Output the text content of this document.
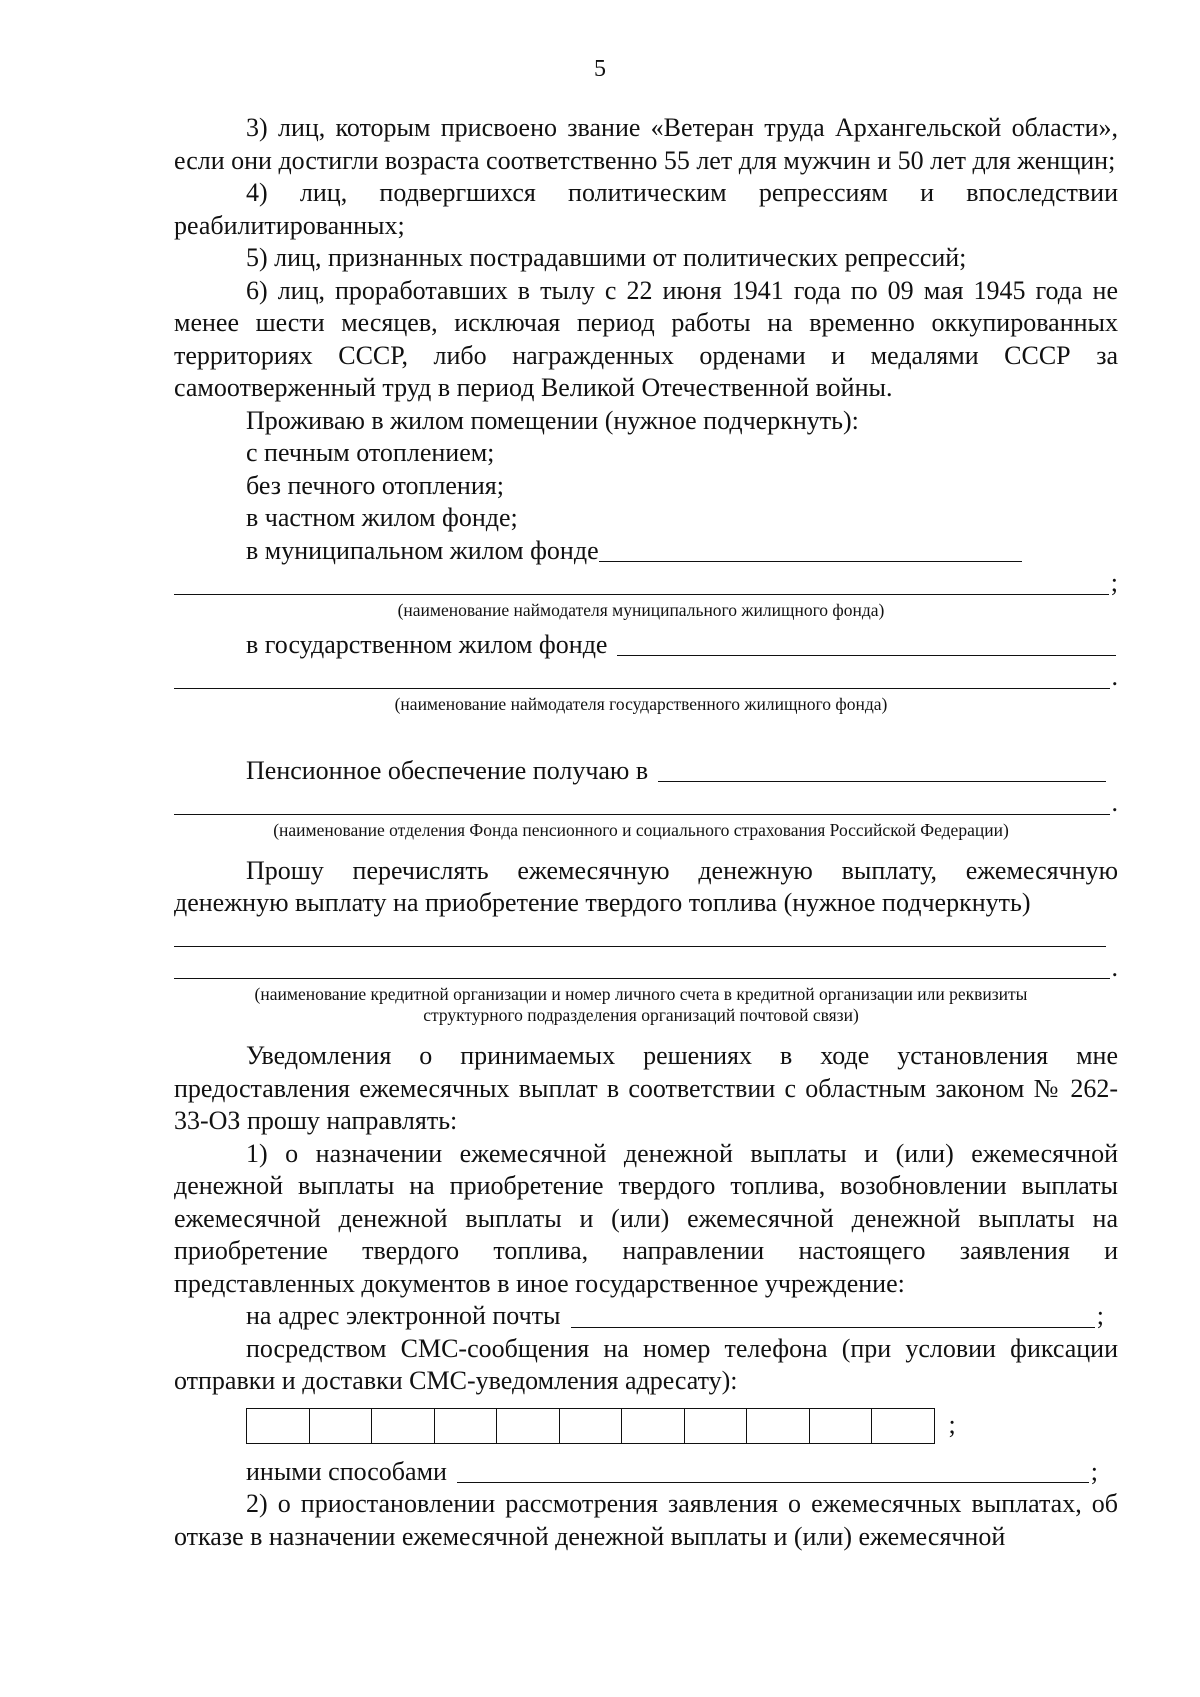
5

3) лиц, которым присвоено звание «Ветеран труда Архангельской области», если они достигли возраста соответственно 55 лет для мужчин и 50 лет для женщин;

4) лиц, подвергшихся политическим репрессиям и впоследствии реабилитированных;

5) лиц, признанных пострадавшими от политических репрессий;

6) лиц, проработавших в тылу с 22 июня 1941 года по 09 мая 1945 года не менее шести месяцев, исключая период работы на временно оккупированных территориях СССР, либо награжденных орденами и медалями СССР за самоотверженный труд в период Великой Отечественной войны.

Проживаю в жилом помещении (нужное подчеркнуть):

с печным отоплением;

без печного отопления;

в частном жилом фонде;

в муниципальном жилом фонде
;
(наименование наймодателя муниципального жилищного фонда)
в государственном жилом фонде
.
(наименование наймодателя государственного жилищного фонда)
Пенсионное обеспечение получаю в
.
(наименование отделения Фонда пенсионного и социального страхования Российской Федерации)

Прошу перечислять ежемесячную денежную выплату, ежемесячную денежную выплату на приобретение твердого топлива (нужное подчеркнуть)

.
(наименование кредитной организации и номер личного счета в кредитной организации или реквизиты
структурного подразделения организаций почтовой связи)

Уведомления о принимаемых решениях в ходе установления мне предоставления ежемесячных выплат в соответствии с областным законом № 262-33-ОЗ прошу направлять:

1) о назначении ежемесячной денежной выплаты и (или) ежемесячной денежной выплаты на приобретение твердого топлива, возобновлении выплаты ежемесячной денежной выплаты и (или) ежемесячной денежной выплаты на приобретение твердого топлива, направлении настоящего заявления и представленных документов в иное государственное учреждение:

на адрес электронной почты	;

посредством СМС-сообщения на номер телефона (при условии фиксации отправки и доставки СМС-уведомления адресату):

;
иными способами	;

2) о приостановлении рассмотрения заявления о ежемесячных выплатах, об отказе в назначении ежемесячной денежной выплаты и (или) ежемесячной
